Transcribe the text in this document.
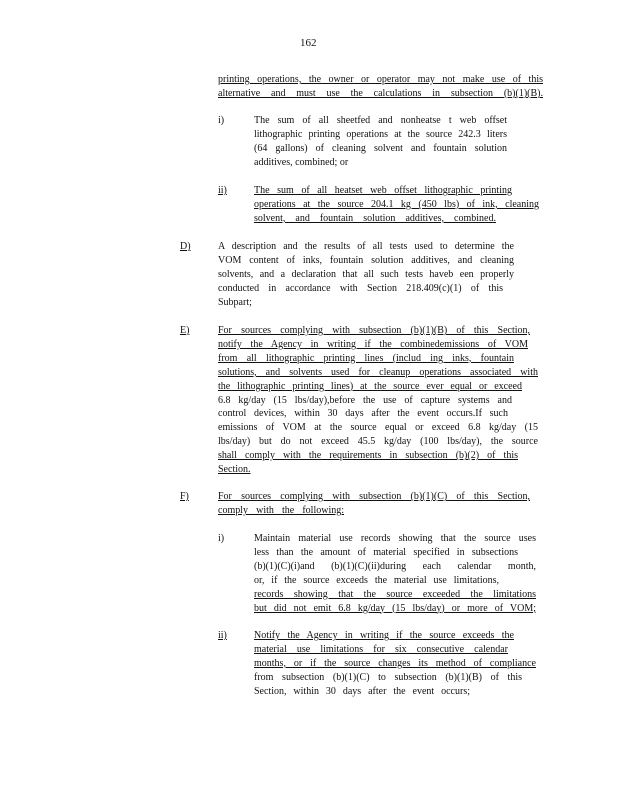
162
printing operations, the owner or operator may not make use of this
alternative and must use the calculations in subsection (b)(1)(B).
i)	The sum of all sheetfed and nonheatse t web offset
lithographic printing operations at the source 242.3 liters
(64 gallons) of cleaning solvent and fountain solution
additives, combined; or
ii)	The sum of all heatset web offset lithographic printing
operations at the source 204.1 kg (450 lbs) of ink, cleaning
solvent, and fountain solution additives, combined.
D)	A description and the results of all tests used to determine the
VOM content of inks, fountain solution additives, and cleaning
solvents, and a declaration that all such tests haveb een properly
conducted in accordance with Section 218.409(c)(1) of this
Subpart;
E)	For sources complying with subsection (b)(1)(B) of this Section,
notify the Agency in writing if the combinedemissions of VOM
from all lithographic printing lines (includ ing inks, fountain
solutions, and solvents used for cleanup operations associated with
the lithographic printing lines) at the source ever equal or exceed
6.8 kg/day (15 lbs/day),before the use of capture systems and
control devices, within 30 days after the event occurs.If such
emissions of VOM at the source equal or exceed 6.8 kg/day (15
lbs/day) but do not exceed 45.5 kg/day (100 lbs/day), the source
shall comply with the requirements in subsection (b)(2) of this
Section.
F)	For sources complying with subsection (b)(1)(C) of this Section,
comply with the following:
i)	Maintain material use records showing that the source uses
less than the amount of material specified in subsections
(b)(1)(C)(i)and (b)(1)(C)(ii)during each calendar month,
or, if the source exceeds the material use limitations,
records showing that the source exceeded the limitations
but did not emit 6.8 kg/day (15 lbs/day) or more of VOM;
ii)	Notify the Agency in writing if the source exceeds the
material use limitations for six consecutive calendar
months, or if the source changes its method of compliance
from subsection (b)(1)(C) to subsection (b)(1)(B) of this
Section, within 30 days after the event occurs;
